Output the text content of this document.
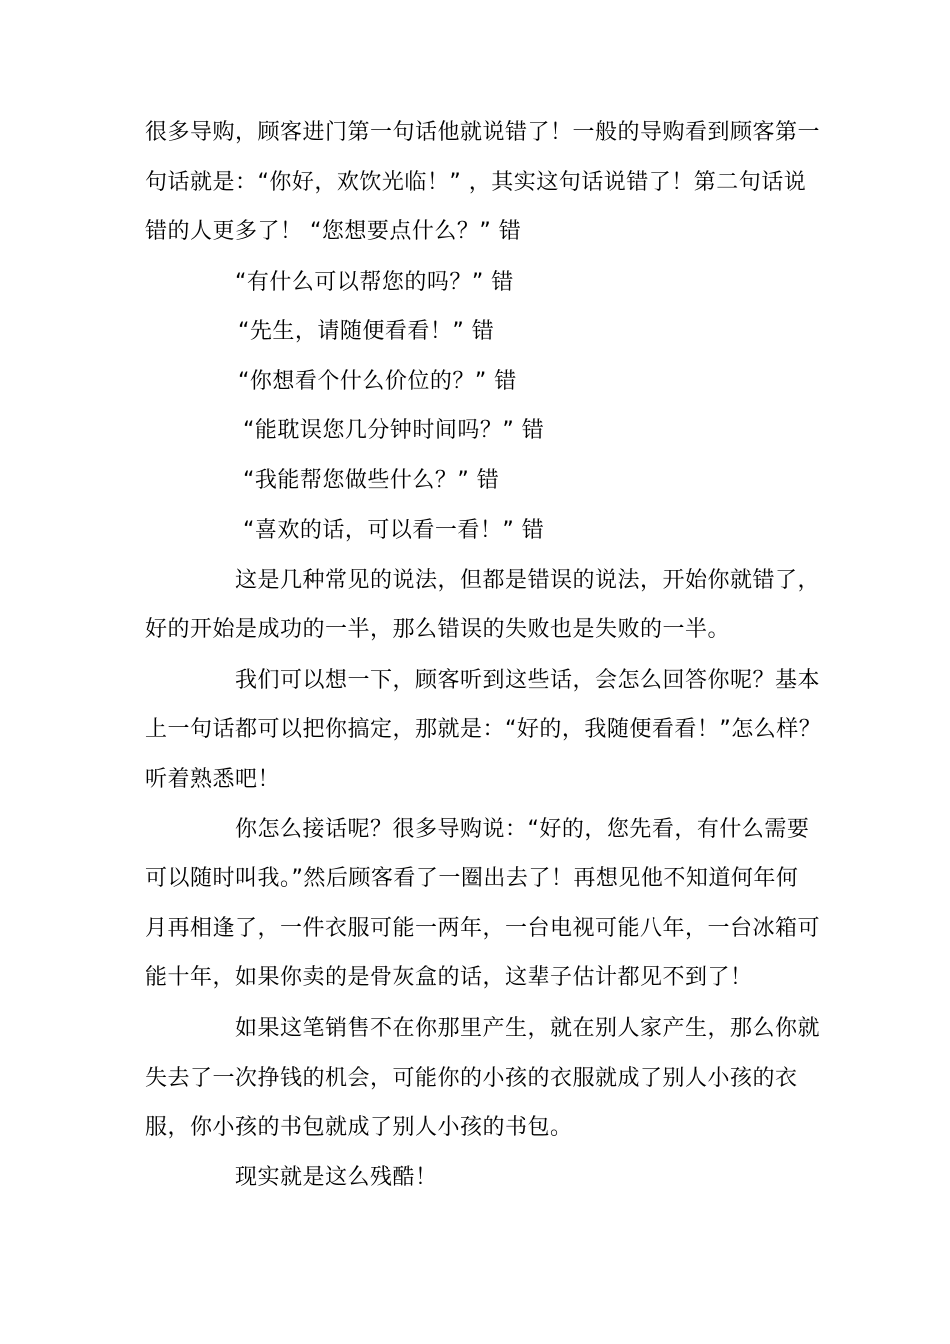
很多导购，顾客进门第一句话他就说错了！一般的导购看到顾客第一
句话就是：“你好，欢饮光临！” ，其实这句话说错了！第二句话说
错的人更多了！ “您想要点什么？” 错
“有什么可以帮您的吗？” 错
“先生，请随便看看！” 错
“你想看个什么价位的？” 错
“能耽误您几分钟时间吗？” 错
“我能帮您做些什么？” 错
“喜欢的话，可以看一看！” 错
这是几种常见的说法，但都是错误的说法，开始你就错了，
好的开始是成功的一半，那么错误的失败也是失败的一半。
我们可以想一下，顾客听到这些话，会怎么回答你呢？基本
上一句话都可以把你搞定，那就是：“好的，我随便看看！”怎么样？
听着熟悉吧！
你怎么接话呢？很多导购说：“好的，您先看，有什么需要
可以随时叫我。”然后顾客看了一圈出去了！再想见他不知道何年何
月再相逢了，一件衣服可能一两年，一台电视可能八年，一台冰箱可
能十年，如果你卖的是骨灰盒的话，这辈子估计都见不到了！
如果这笔销售不在你那里产生，就在别人家产生，那么你就
失去了一次挣钱的机会，可能你的小孩的衣服就成了别人小孩的衣
服，你小孩的书包就成了别人小孩的书包。
现实就是这么残酷！
